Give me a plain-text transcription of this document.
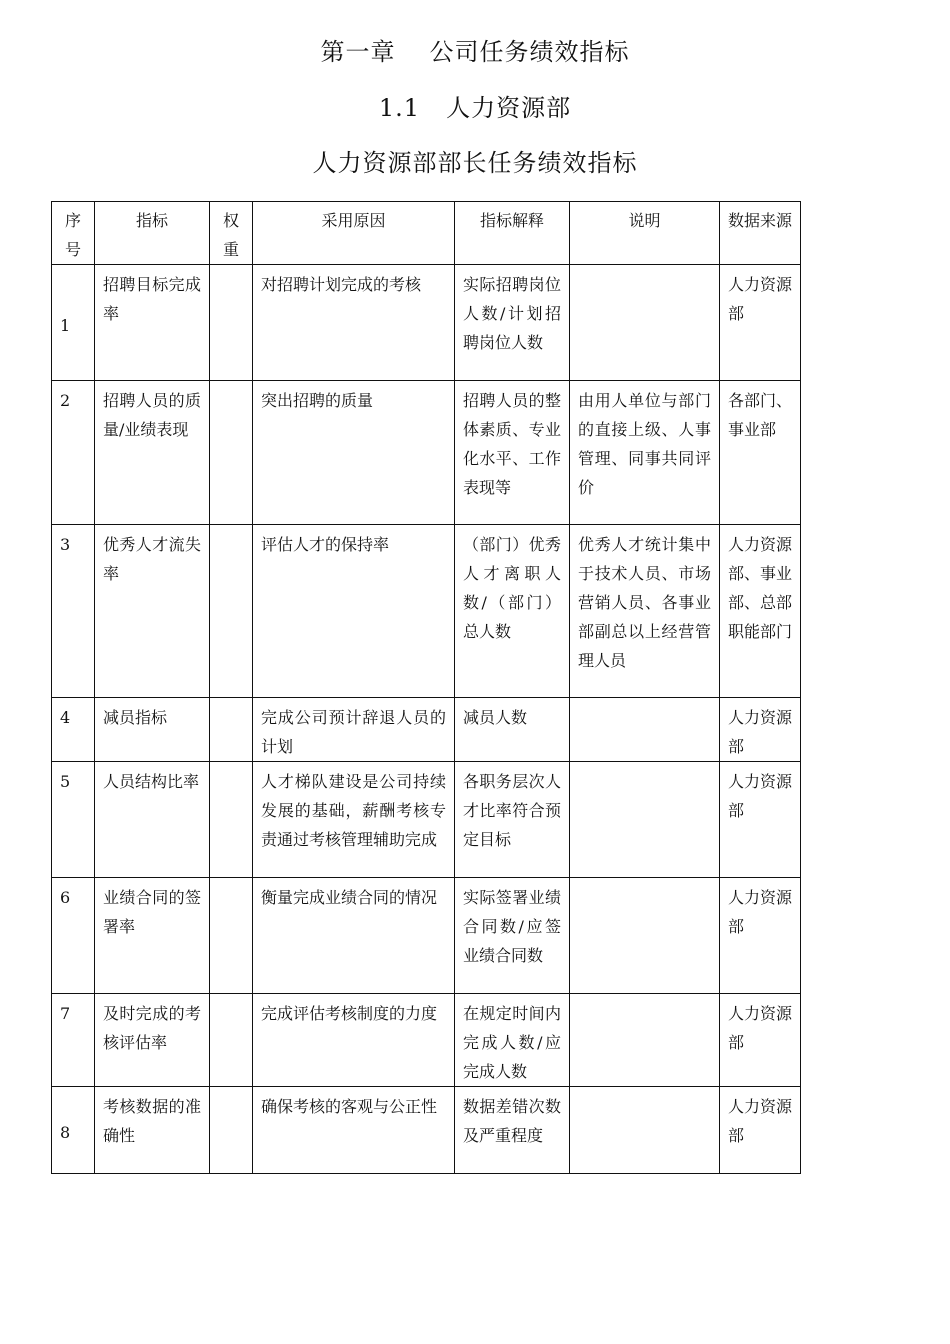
第一章 公司任务绩效指标
1.1 人力资源部
人力资源部部长任务绩效指标
序号	指标	权重	采用原因	指标解释	说明	数据来源
1	招聘目标完成率		对招聘计划完成的考核	实际招聘岗位人数/计划招聘岗位人数		人力资源部
2	招聘人员的质量/业绩表现		突出招聘的质量	招聘人员的整体素质、专业化水平、工作表现等	由用人单位与部门的直接上级、人事管理、同事共同评价	各部门、事业部
3	优秀人才流失率		评估人才的保持率	（部门）优秀人才离职人数/（部门）总人数	优秀人才统计集中于技术人员、市场营销人员、各事业部副总以上经营管理人员	人力资源部、事业部、总部职能部门
4	减员指标		完成公司预计辞退人员的计划	减员人数		人力资源部
5	人员结构比率		人才梯队建设是公司持续发展的基础，薪酬考核专责通过考核管理辅助完成	各职务层次人才比率符合预定目标		人力资源部
6	业绩合同的签署率		衡量完成业绩合同的情况	实际签署业绩合同数/应签业绩合同数		人力资源部
7	及时完成的考核评估率		完成评估考核制度的力度	在规定时间内完成人数/应完成人数		人力资源部
8	考核数据的准确性		确保考核的客观与公正性	数据差错次数及严重程度		人力资源部
